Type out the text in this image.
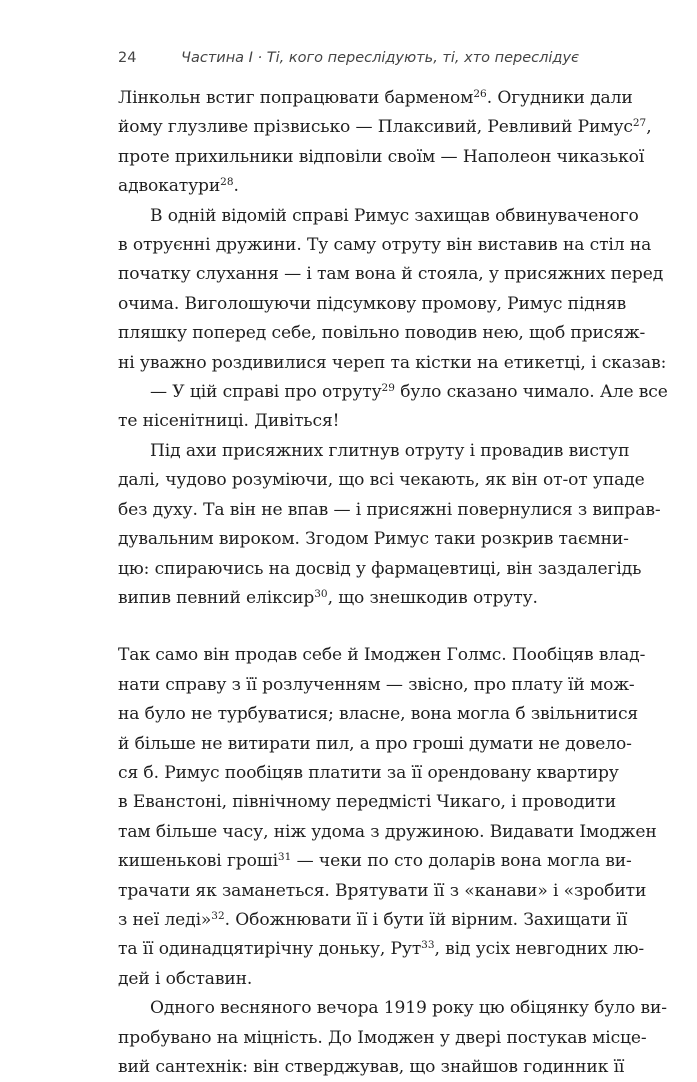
24	Частина I · Ті, кого переслідують, ті, хто переслідує
Лінкольн встиг попрацювати барменом$^{26}$. Огудники дали
йому глузливе прізвисько — Плаксивий, Ревливий Римус$^{27}$,
проте прихильники відповіли своїм — Наполеон чиказької
адвокатури$^{28}$.
В одній відомій справі Римус захищав обвинуваченого
в отруєнні дружини. Ту саму отруту він виставив на стіл на
початку слухання — і там вона й стояла, у присяжних перед
очима. Виголошуючи підсумкову промову, Римус підняв
пляшку поперед себе, повільно поводив нею, щоб присяж-
ні уважно роздивилися череп та кістки на етикетці, і сказав:
— У цій справі про отруту$^{29}$ було сказано чимало. Але все
те нісенітниці. Дивіться!
Під ахи присяжних глитнув отруту і провадив виступ
далі, чудово розуміючи, що всі чекають, як він от-от упаде
без духу. Та він не впав — і присяжні повернулися з виправ-
дувальним вироком. Згодом Римус таки розкрив таємни-
цю: спираючись на досвід у фармацевтиці, він заздалегідь
випив певний еліксир$^{30}$, що знешкодив отруту.
Так само він продав себе й Імоджен Голмс. Пообіцяв влад-
нати справу з її розлученням — звісно, про плату їй мож-
на було не турбуватися; власне, вона могла б звільнитися
й більше не витирати пил, а про гроші думати не довело-
ся б. Римус пообіцяв платити за її орендовану квартиру
в Еванстоні, північному передмісті Чикаго, і проводити
там більше часу, ніж удома з дружиною. Видавати Імоджен
кишенькові гроші$^{31}$ — чеки по сто доларів вона могла ви-
трачати як заманеться. Врятувати її з «канави» і «зробити
з неї леді»$^{32}$. Обожнювати її і бути їй вірним. Захищати її
та її одинадцятирічну доньку, Рут$^{33}$, від усіх невгодних лю-
дей і обставин.
Одного весняного вечора 1919 року цю обіцянку було ви-
пробувано на міцність. До Імоджен у двері постукав місце-
вий сантехнік: він стверджував, що знайшов годинник її
